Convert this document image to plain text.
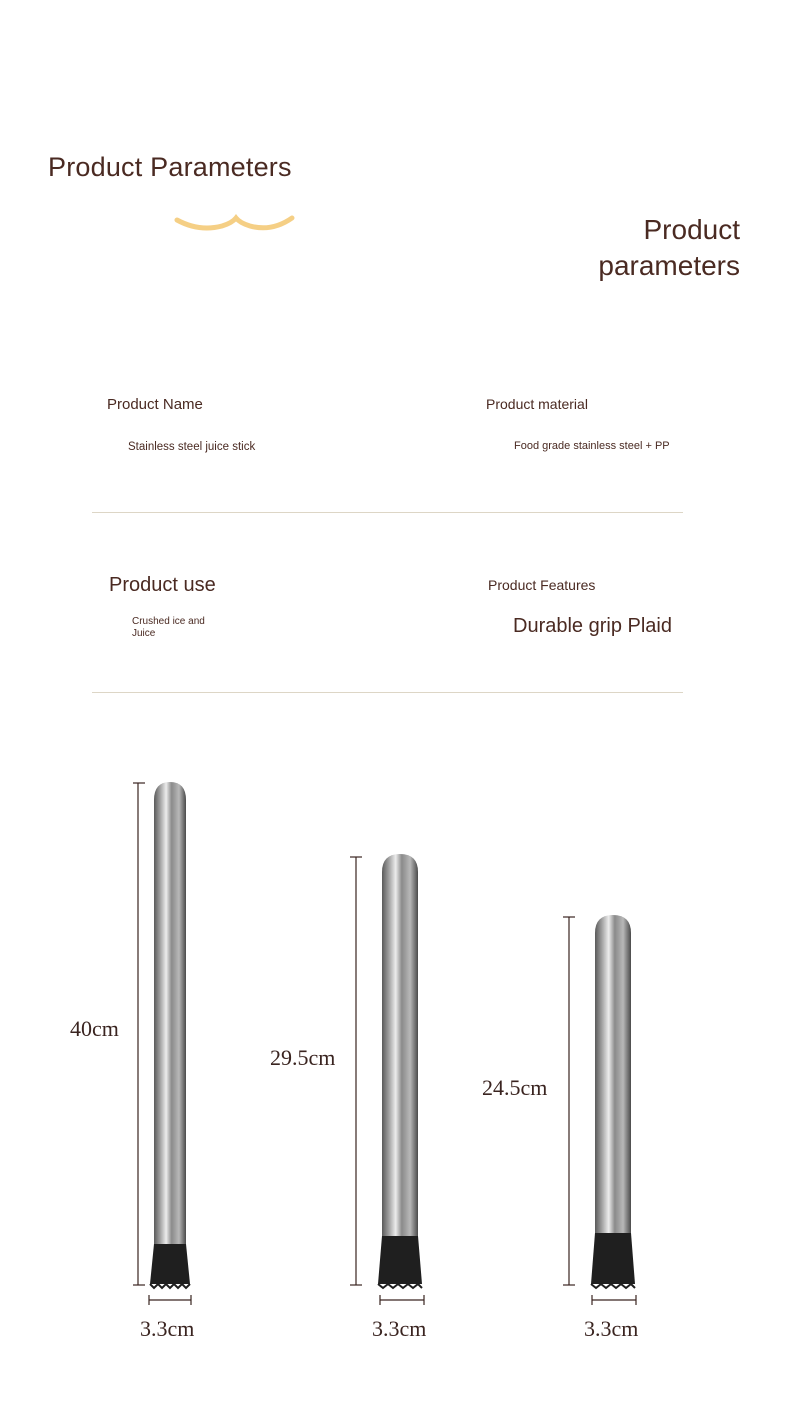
Product Parameters
Product
parameters
Product Name
Stainless steel juice stick
Product material
Food grade stainless steel + PP
Product use
Crushed ice and Juice
Product Features
Durable grip Plaid
40cm
3.3cm
29.5cm
3.3cm
24.5cm
3.3cm
